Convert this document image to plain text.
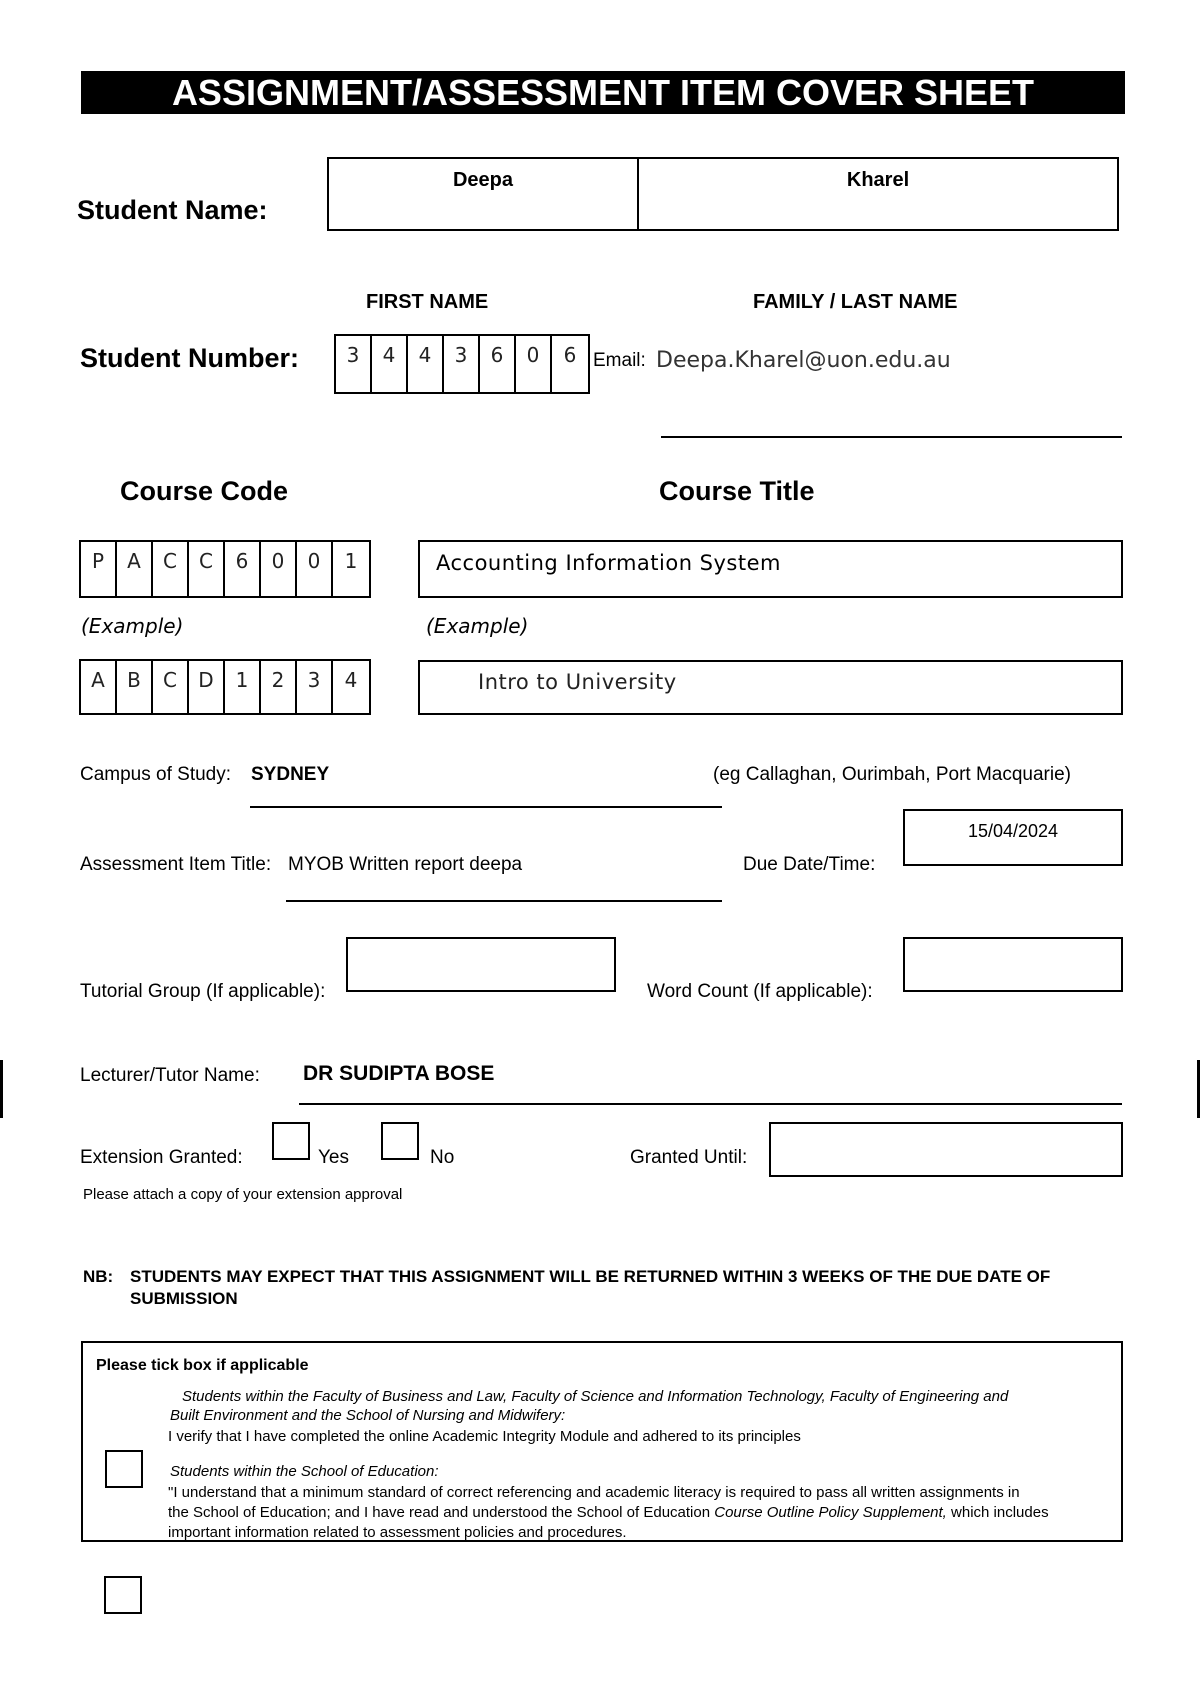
ASSIGNMENT/ASSESSMENT ITEM COVER SHEET
Student Name:
Deepa	Kharel
FIRST NAME	FAMILY / LAST NAME
Student Number:	3	4	4	3	6	0	6 Email: Deepa.Kharel@uon.edu.au
Course Code	Course Title
P	A	C	C	6	0	0	1	Accounting Information System
(Example)	(Example)
A	B	C	D	1	2	3	4	Intro to University
Campus of Study: SYDNEY	(eg Callaghan, Ourimbah, Port Macquarie)
Assessment Item Title: MYOB Written report deepa	Due Date/Time:
15/04/2024
Tutorial Group (If applicable):	Word Count (If applicable):
Lecturer/Tutor Name: DR SUDIPTA BOSE
Extension Granted:	Yes	No	Granted Until:
Please attach a copy of your extension approval
NB: STUDENTS MAY EXPECT THAT THIS ASSIGNMENT WILL BE RETURNED WITHIN 3 WEEKS OF THE DUE DATE OF
SUBMISSION
Please tick box if applicable
Students within the Faculty of Business and Law, Faculty of Science and Information Technology, Faculty of Engineering and
Built Environment and the School of Nursing and Midwifery:
I verify that I have completed the online Academic Integrity Module and adhered to its principles
Students within the School of Education:
"I understand that a minimum standard of correct referencing and academic literacy is required to pass all written assignments in
the School of Education; and I have read and understood the School of Education Course Outline Policy Supplement, which includes
important information related to assessment policies and procedures.
